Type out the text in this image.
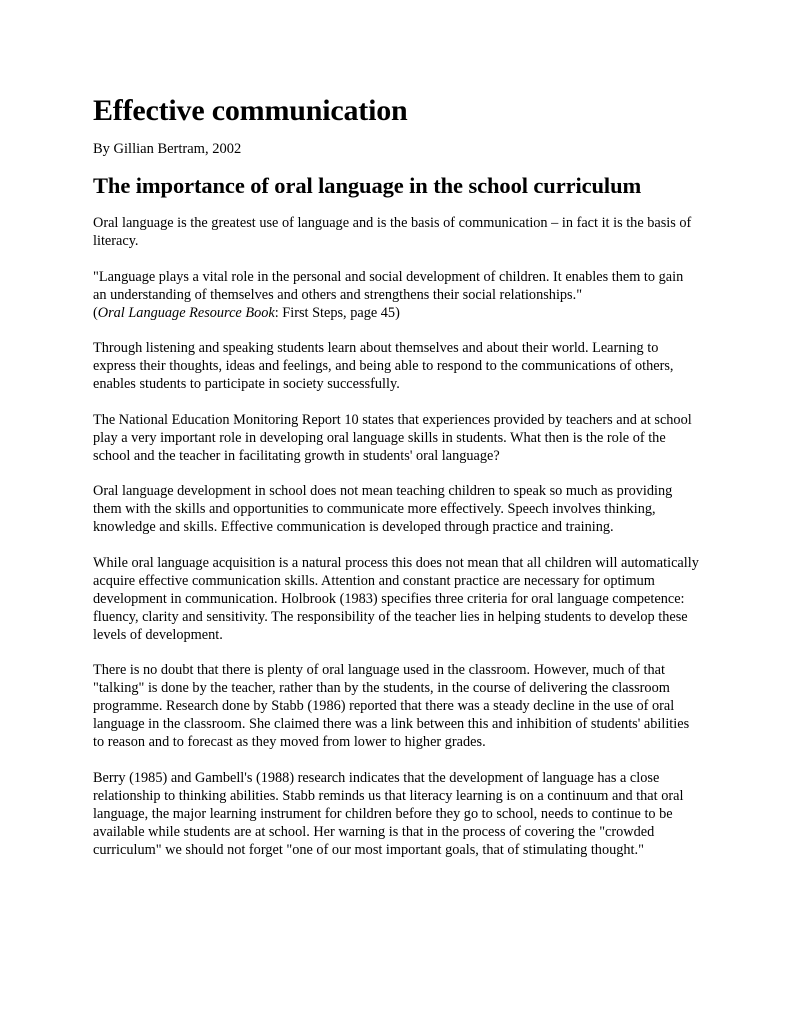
Effective communication

By Gillian Bertram, 2002

The importance of oral language in the school curriculum

Oral language is the greatest use of language and is the basis of communication – in fact it is the basis of literacy.

"Language plays a vital role in the personal and social development of children. It enables them to gain an understanding of themselves and others and strengthens their social relationships."
(Oral Language Resource Book: First Steps, page 45)

Through listening and speaking students learn about themselves and about their world. Learning to express their thoughts, ideas and feelings, and being able to respond to the communications of others, enables students to participate in society successfully.

The National Education Monitoring Report 10 states that experiences provided by teachers and at school play a very important role in developing oral language skills in students. What then is the role of the school and the teacher in facilitating growth in students' oral language?

Oral language development in school does not mean teaching children to speak so much as providing them with the skills and opportunities to communicate more effectively. Speech involves thinking, knowledge and skills. Effective communication is developed through practice and training.

While oral language acquisition is a natural process this does not mean that all children will automatically acquire effective communication skills. Attention and constant practice are necessary for optimum development in communication. Holbrook (1983) specifies three criteria for oral language competence: fluency, clarity and sensitivity. The responsibility of the teacher lies in helping students to develop these levels of development.

There is no doubt that there is plenty of oral language used in the classroom. However, much of that "talking" is done by the teacher, rather than by the students, in the course of delivering the classroom programme. Research done by Stabb (1986) reported that there was a steady decline in the use of oral language in the classroom. She claimed there was a link between this and inhibition of students' abilities to reason and to forecast as they moved from lower to higher grades.

Berry (1985) and Gambell's (1988) research indicates that the development of language has a close relationship to thinking abilities. Stabb reminds us that literacy learning is on a continuum and that oral language, the major learning instrument for children before they go to school, needs to continue to be available while students are at school. Her warning is that in the process of covering the "crowded curriculum" we should not forget "one of our most important goals, that of stimulating thought."
